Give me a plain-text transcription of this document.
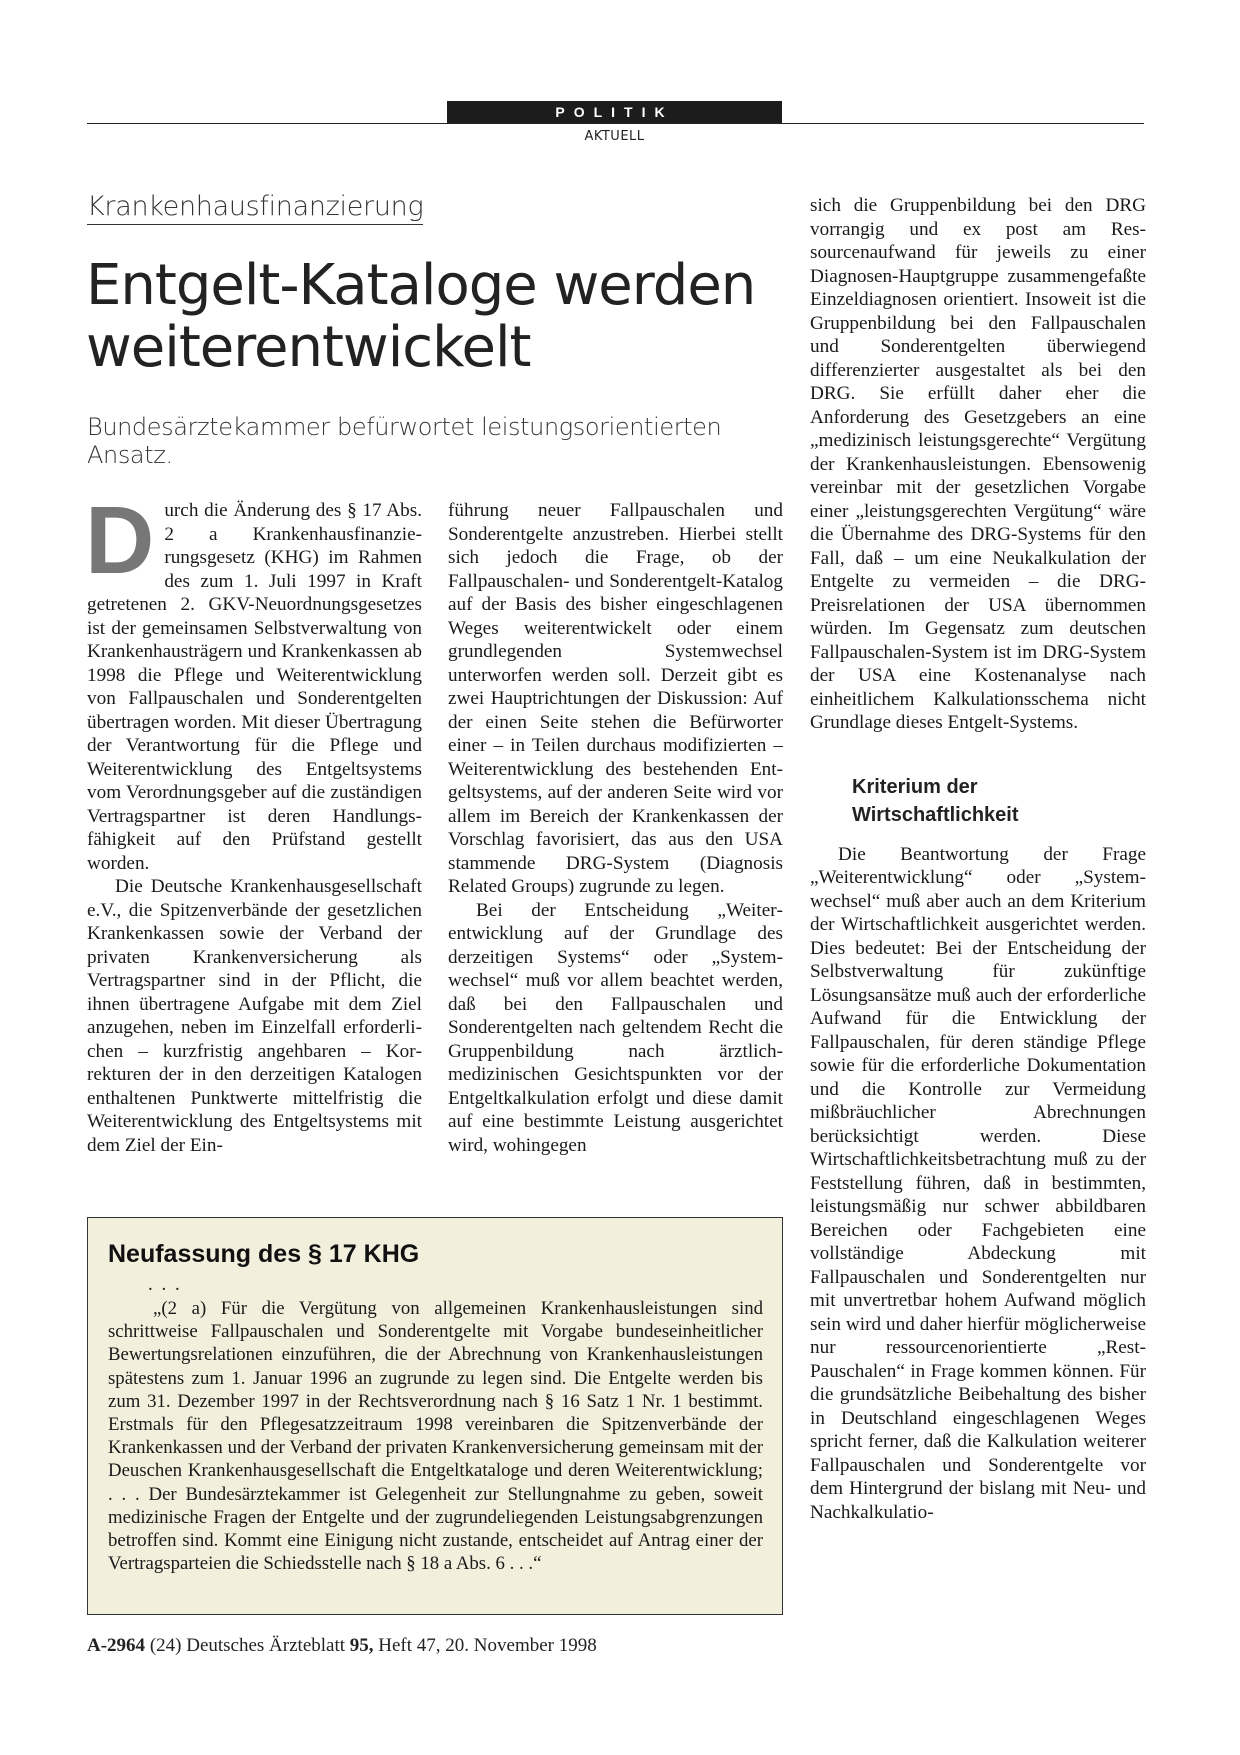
POLITIK
AKTUELL
Krankenhausfinanzierung
Entgelt-Kataloge werden
weiterentwickelt
Bundesärztekammer befürwortet leistungsorientierten Ansatz.

Durch die Änderung des § 17 Abs. 2 a Krankenhausfinanzierungsgesetz (KHG) im Rahmen des zum 1. Juli 1997 in Kraft getretenen 2. GKV-Neuordnungsgesetzes ist der gemeinsamen Selbstverwaltung von Krankenhausträgern und Krankenkassen ab 1998 die Pflege und Weiterentwicklung von Fallpauschalen und Sonderentgelten übertragen worden. Mit dieser Übertragung der Verantwortung für die Pflege und Weiterentwicklung des Entgeltsystems vom Verordnungsgeber auf die zuständigen Vertragspartner ist deren Handlungsfähigkeit auf den Prüfstand gestellt worden.

Die Deutsche Krankenhausgesellschaft e.V., die Spitzenverbände der gesetzlichen Krankenkassen sowie der Verband der privaten Krankenversicherung als Vertragspartner sind in der Pflicht, die ihnen übertragene Aufgabe mit dem Ziel anzugehen, neben im Einzelfall erforderlichen – kurzfristig angehbaren – Korrekturen der in den derzeitigen Katalogen enthaltenen Punktwerte mittelfristig die Weiterentwicklung des Entgeltsystems mit dem Ziel der Ein-

führung neuer Fallpauschalen und Sonderentgelte anzustreben. Hierbei stellt sich jedoch die Frage, ob der Fallpauschalen- und Sonderentgelt-Katalog auf der Basis des bisher eingeschlagenen Weges weiterentwickelt oder einem grundlegenden Systemwechsel unterworfen werden soll. Derzeit gibt es zwei Hauptrichtungen der Diskussion: Auf der einen Seite stehen die Befürworter einer – in Teilen durchaus modifizierten – Weiterentwicklung des bestehenden Entgeltsystems, auf der anderen Seite wird vor allem im Bereich der Krankenkassen der Vorschlag favorisiert, das aus den USA stammende DRG-System (Diagnosis Related Groups) zugrunde zu legen.

Bei der Entscheidung „Weiterentwicklung auf der Grundlage des derzeitigen Systems“ oder „Systemwechsel“ muß vor allem beachtet werden, daß bei den Fallpauschalen und Sonderentgelten nach geltendem Recht die Gruppenbildung nach ärztlich-medizinischen Gesichtspunkten vor der Entgeltkalkulation erfolgt und diese damit auf eine bestimmte Leistung ausgerichtet wird, wohingegen

sich die Gruppenbildung bei den DRG vorrangig und ex post am Ressourcenaufwand für jeweils zu einer Diagnosen-Hauptgruppe zusammengefaßte Einzeldiagnosen orientiert. Insoweit ist die Gruppenbildung bei den Fallpauschalen und Sonderentgelten überwiegend differenzierter ausgestaltet als bei den DRG. Sie erfüllt daher eher die Anforderung des Gesetzgebers an eine „medizinisch leistungsgerechte“ Vergütung der Krankenhausleistungen. Ebensowenig vereinbar mit der gesetzlichen Vorgabe einer „leistungsgerechten Vergütung“ wäre die Übernahme des DRG-Systems für den Fall, daß – um eine Neukalkulation der Entgelte zu vermeiden – die DRG-Preisrelationen der USA übernommen würden. Im Gegensatz zum deutschen Fallpauschalen-System ist im DRG-System der USA eine Kostenanalyse nach einheitlichem Kalkulationsschema nicht Grundlage dieses Entgelt-Systems.

Kriterium der
Wirtschaftlichkeit

Die Beantwortung der Frage „Weiterentwicklung“ oder „Systemwechsel“ muß aber auch an dem Kriterium der Wirtschaftlichkeit ausgerichtet werden. Dies bedeutet: Bei der Entscheidung der Selbstverwaltung für zukünftige Lösungsansätze muß auch der erforderliche Aufwand für die Entwicklung der Fallpauschalen, für deren ständige Pflege sowie für die erforderliche Dokumentation und die Kontrolle zur Vermeidung mißbräuchlicher Abrechnungen berücksichtigt werden. Diese Wirtschaftlichkeitsbetrachtung muß zu der Feststellung führen, daß in bestimmten, leistungsmäßig nur schwer abbildbaren Bereichen oder Fachgebieten eine vollständige Abdeckung mit Fallpauschalen und Sonderentgelten nur mit unvertretbar hohem Aufwand möglich sein wird und daher hierfür möglicherweise nur ressourcenorientierte „Rest-Pauschalen“ in Frage kommen können. Für die grundsätzliche Beibehaltung des bisher in Deutschland eingeschlagenen Weges spricht ferner, daß die Kalkulation weiterer Fallpauschalen und Sonderentgelte vor dem Hintergrund der bislang mit Neu- und Nachkalkulatio-

Neufassung des § 17 KHG
. . .

„(2 a) Für die Vergütung von allgemeinen Krankenhausleistungen sind schrittweise Fallpauschalen und Sonderentgelte mit Vorgabe bundeseinheitlicher Bewertungsrelationen einzuführen, die der Abrechnung von Krankenhausleistungen spätestens zum 1. Januar 1996 an zugrunde zu legen sind. Die Entgelte werden bis zum 31. Dezember 1997 in der Rechtsverordnung nach § 16 Satz 1 Nr. 1 bestimmt. Erstmals für den Pflegesatzzeitraum 1998 vereinbaren die Spitzenverbände der Krankenkassen und der Verband der privaten Krankenversicherung gemeinsam mit der Deuschen Krankenhausgesellschaft die Entgeltkataloge und deren Weiterentwicklung; . . . Der Bundesärztekammer ist Gelegenheit zur Stellungnahme zu geben, soweit medizinische Fragen der Entgelte und der zugrundeliegenden Leistungsabgrenzungen betroffen sind. Kommt eine Einigung nicht zustande, entscheidet auf Antrag einer der Vertragsparteien die Schiedsstelle nach § 18 a Abs. 6 . . .“

A-2964 (24) Deutsches Ärzteblatt 95, Heft 47, 20. November 1998
